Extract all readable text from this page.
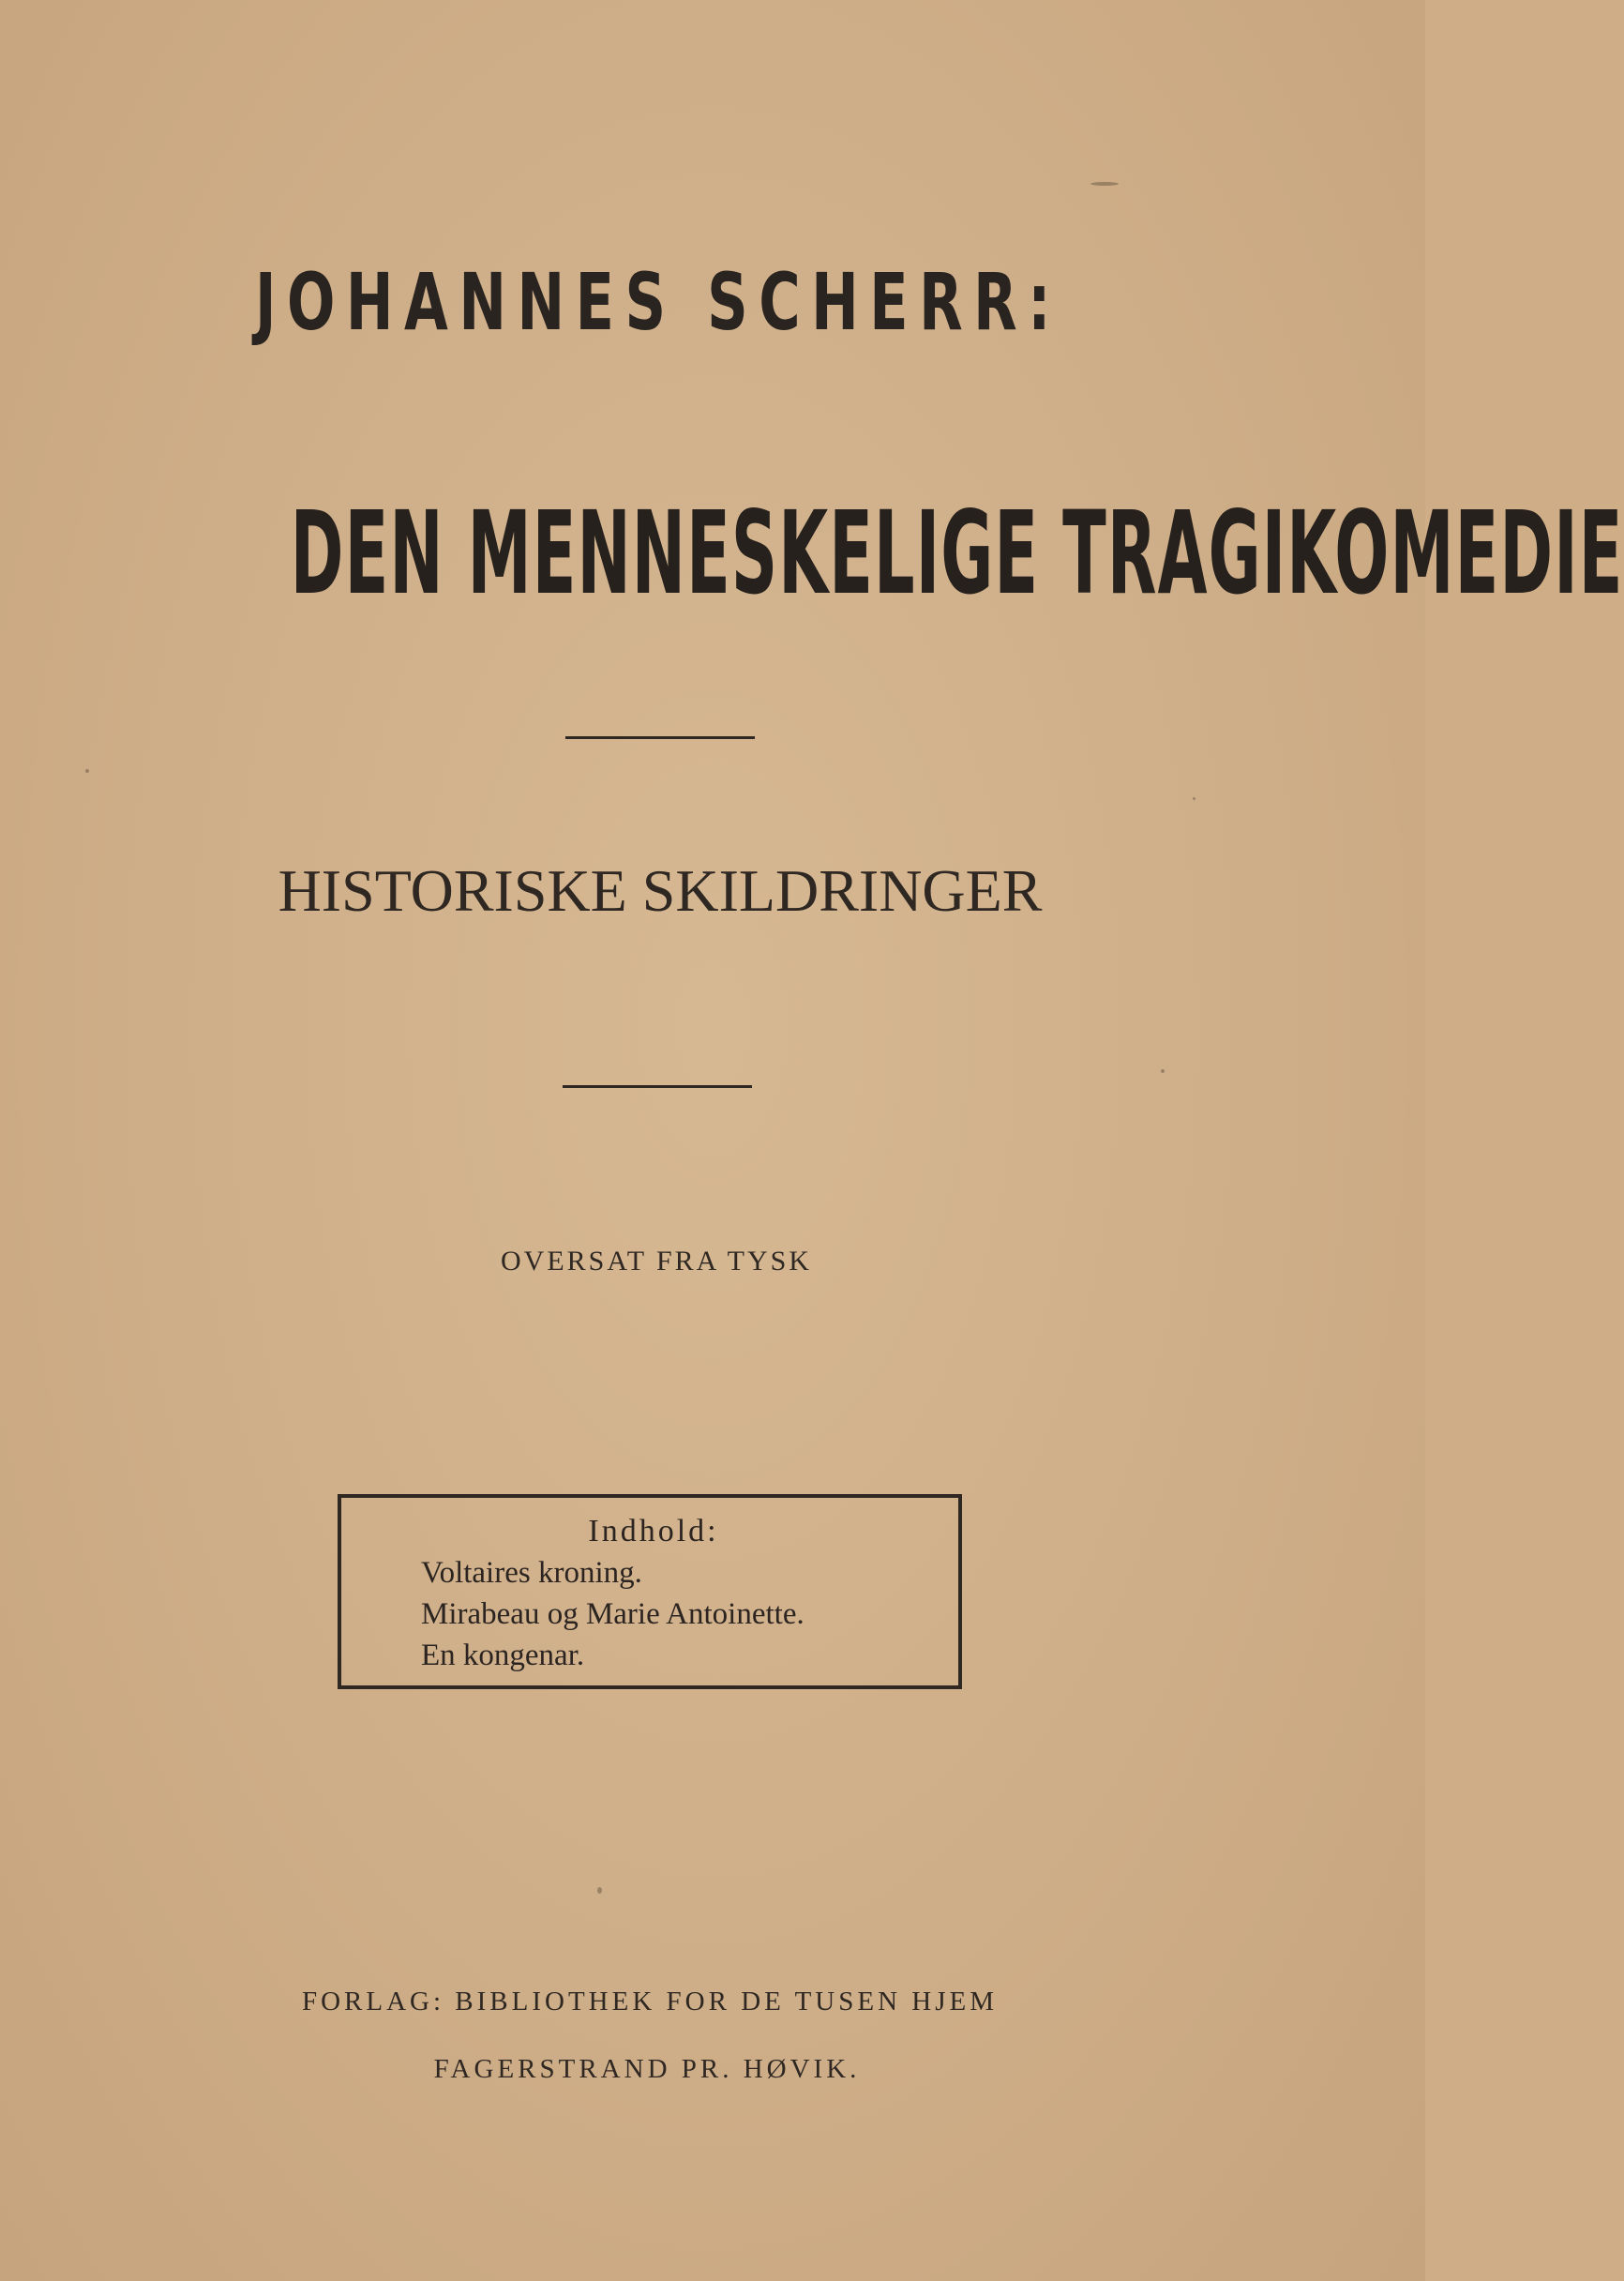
JOHANNES SCHERR:
DEN MENNESKELIGE TRAGIKOMEDIE
HISTORISKE SKILDRINGER
OVERSAT FRA TYSK
Indhold:
Voltaires kroning.
Mirabeau og Marie Antoinette.
En kongenar.
FORLAG: BIBLIOTHEK FOR DE TUSEN HJEM
FAGERSTRAND PR. HØVIK.
